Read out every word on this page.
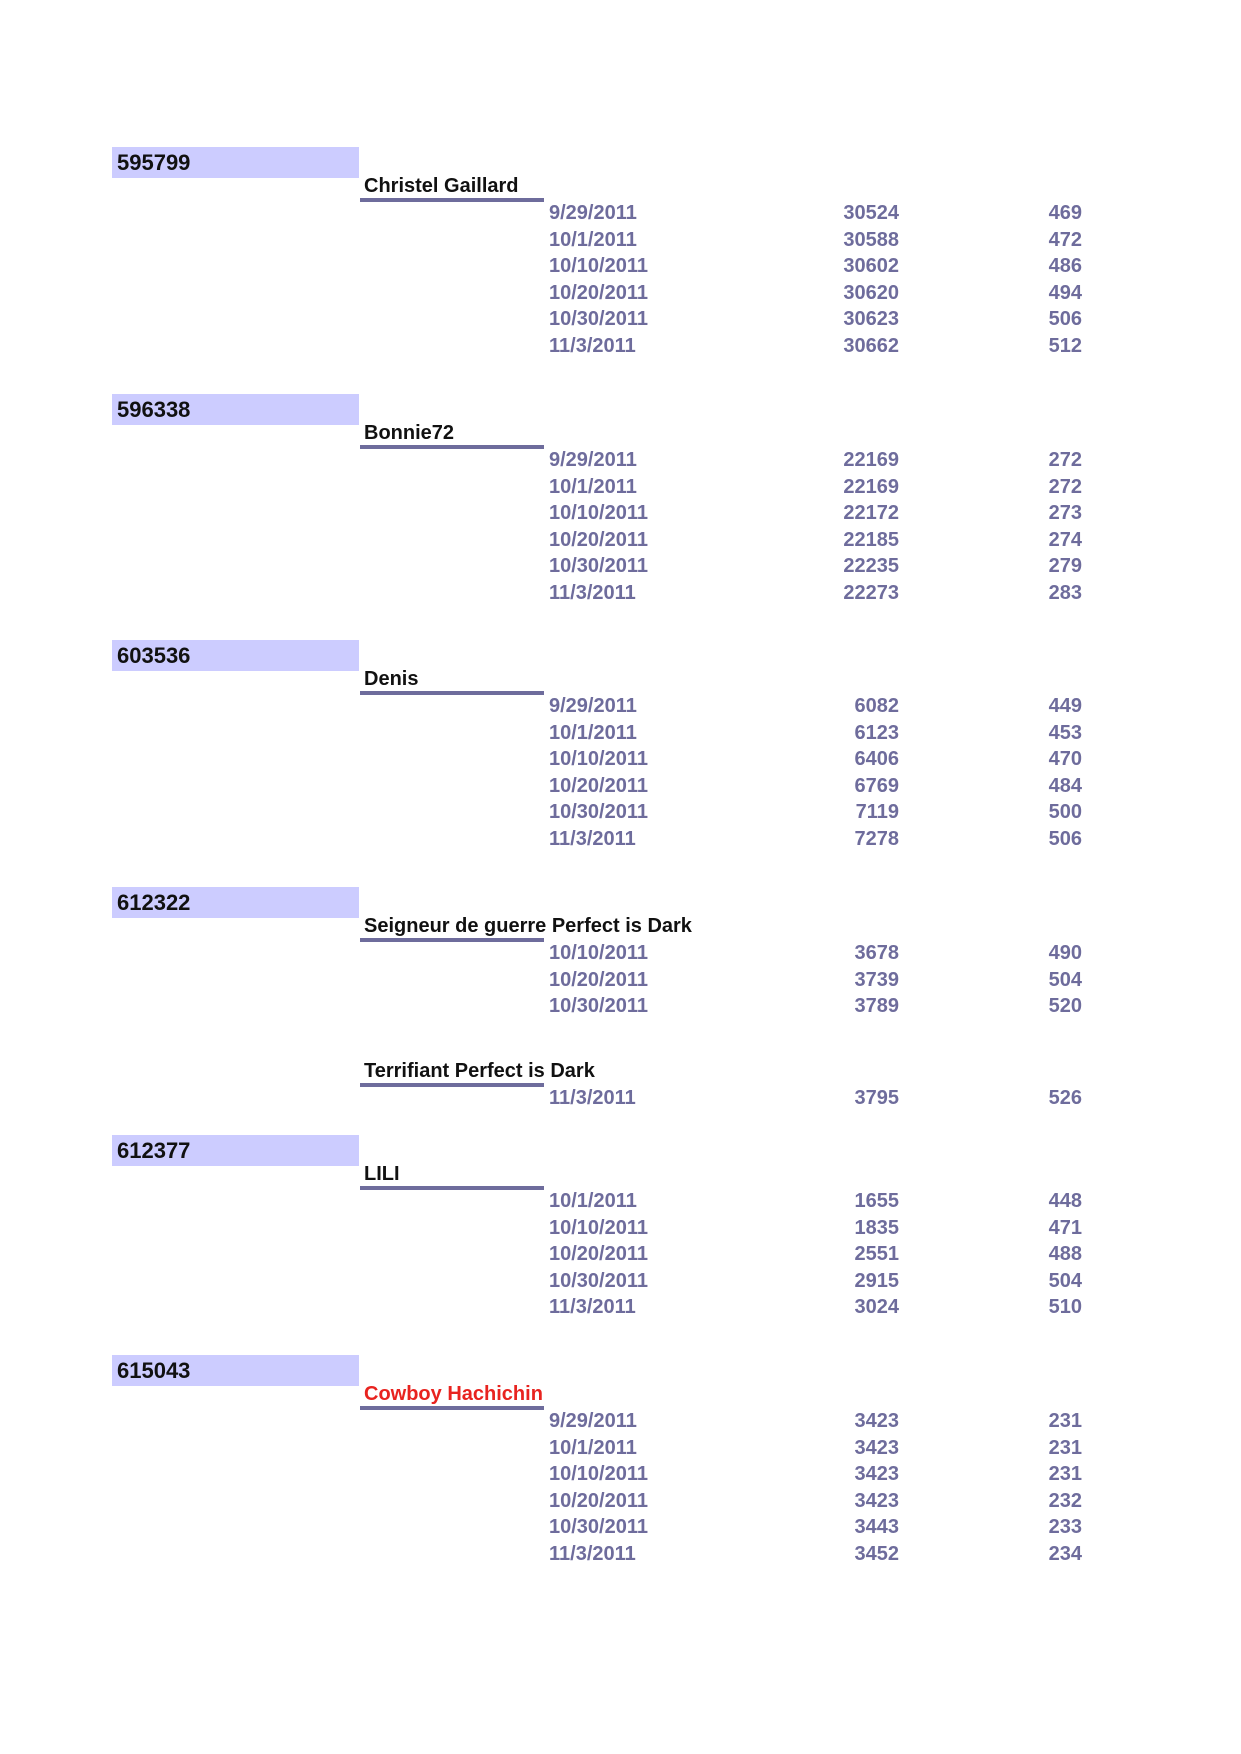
595799
Christel Gaillard
9/29/2011	30524	469
10/1/2011	30588	472
10/10/2011	30602	486
10/20/2011	30620	494
10/30/2011	30623	506
11/3/2011	30662	512
596338
Bonnie72
9/29/2011	22169	272
10/1/2011	22169	272
10/10/2011	22172	273
10/20/2011	22185	274
10/30/2011	22235	279
11/3/2011	22273	283
603536
Denis
9/29/2011	6082	449
10/1/2011	6123	453
10/10/2011	6406	470
10/20/2011	6769	484
10/30/2011	7119	500
11/3/2011	7278	506
612322
Seigneur de guerre Perfect is Dark
10/10/2011	3678	490
10/20/2011	3739	504
10/30/2011	3789	520
Terrifiant Perfect is Dark
11/3/2011	3795	526
612377
LILI
10/1/2011	1655	448
10/10/2011	1835	471
10/20/2011	2551	488
10/30/2011	2915	504
11/3/2011	3024	510
615043
Cowboy Hachichin
9/29/2011	3423	231
10/1/2011	3423	231
10/10/2011	3423	231
10/20/2011	3423	232
10/30/2011	3443	233
11/3/2011	3452	234
